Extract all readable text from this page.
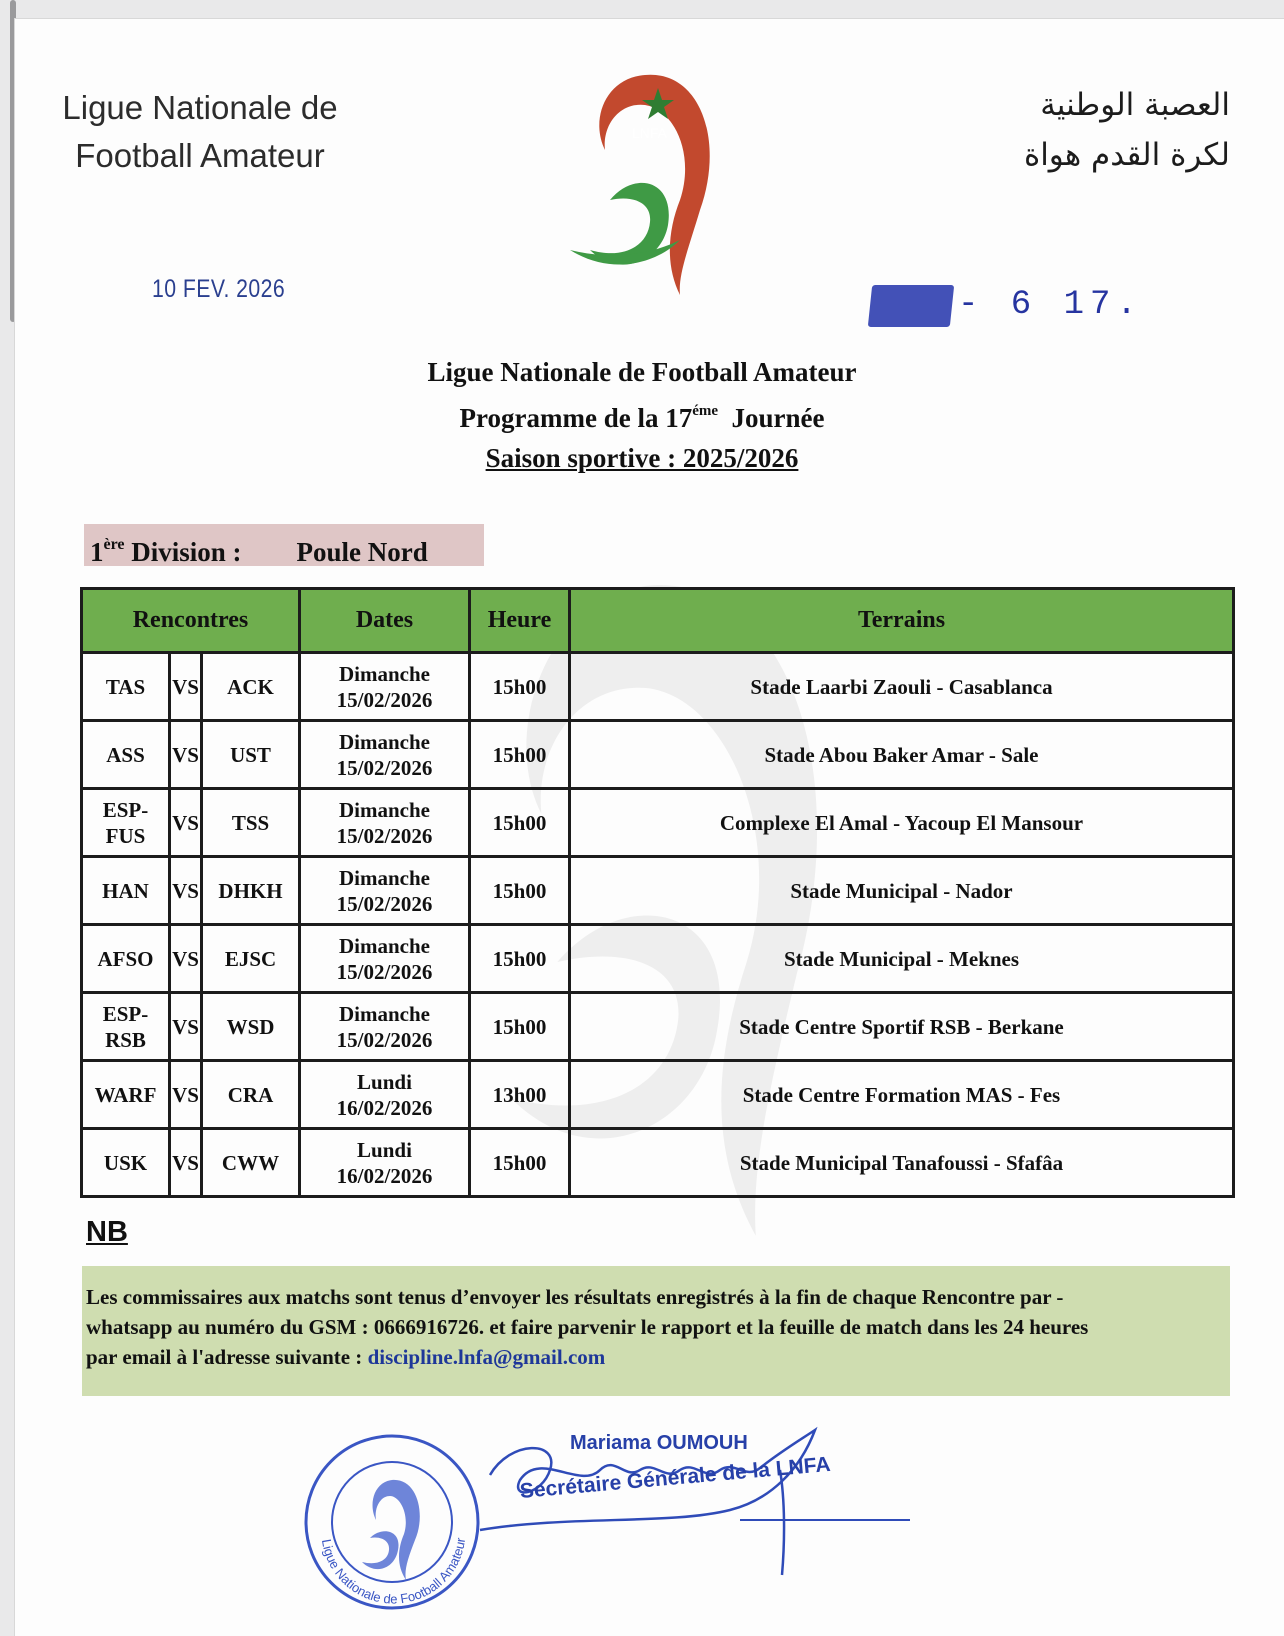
Ligue Nationale de
Football Amateur
العصبة الوطنية
لكرة القدم هواة
LNFA
10 FEV. 2026	- 6 17.
Ligue Nationale de Football Amateur
Programme de la $17^{éme}$ Journée
Saison sportive : 2025/2026
1ère Division : Poule Nord
Rencontres			Dates	Heure	Terrains
TAS	VS	ACK	Dimanche
15/02/2026	15h00	Stade Laarbi Zaouli - Casablanca
ASS	VS	UST	Dimanche
15/02/2026	15h00	Stade Abou Baker Amar - Sale
ESP-FUS	VS	TSS	Dimanche
15/02/2026	15h00	Complexe El Amal - Yacoup El Mansour
HAN	VS	DHKH	Dimanche
15/02/2026	15h00	Stade Municipal - Nador
AFSO	VS	EJSC	Dimanche
15/02/2026	15h00	Stade Municipal - Meknes
ESP-RSB	VS	WSD	Dimanche
15/02/2026	15h00	Stade Centre Sportif RSB - Berkane
WARF	VS	CRA	Lundi
16/02/2026	13h00	Stade Centre Formation MAS - Fes
USK	VS	CWW	Lundi
16/02/2026	15h00	Stade Municipal Tanafoussi - Sfafâa
NB
Les commissaires aux matchs sont tenus d’envoyer les résultats enregistrés à la fin de chaque Rencontre par -
whatsapp au numéro du GSM : 0666916726. et faire parvenir le rapport et la feuille de match dans les 24 heures
par email à l'adresse suivante : discipline.lnfa@gmail.com
Ligue Nationale de Football Amateur
Mariama OUMOUH
Secrétaire Générale de la LNFA
